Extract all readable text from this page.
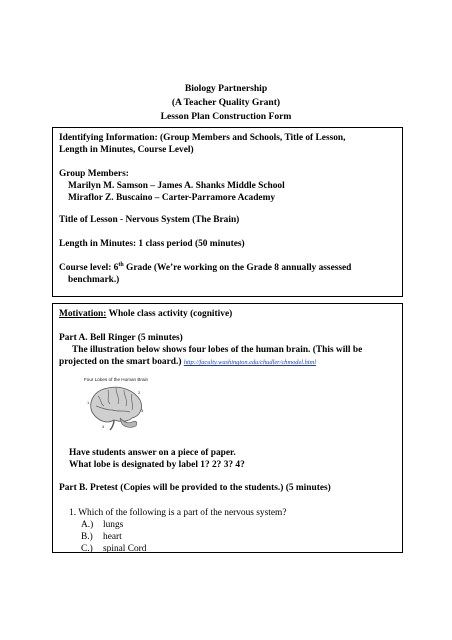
Biology Partnership
(A Teacher Quality Grant)
Lesson Plan Construction Form
Identifying Information: (Group Members and Schools, Title of Lesson,
Length in Minutes, Course Level)
Group Members:
Marilyn M. Samson – James A. Shanks Middle School
Miraflor Z. Buscaino – Carter-Parramore Academy
Title of Lesson - Nervous System (The Brain)
Length in Minutes: 1 class period (50 minutes)
Course level: 6th Grade (We’re working on the Grade 8 annually assessed
benchmark.)
Motivation: Whole class activity (cognitive)
Part A. Bell Ringer (5 minutes)
The illustration below shows four lobes of the human brain. (This will be
projected on the smart board.) http://faculty.washington.edu/chudler/chmodel.html
Have students answer on a piece of paper.
What lobe is designated by label 1? 2? 3? 4?
Part B. Pretest (Copies will be provided to the students.) (5 minutes)
1. Which of the following is a part of the nervous system?
A.) lungs
B.) heart
C.) spinal Cord
Four Lobes of the Human Brain
1
2
3
4
